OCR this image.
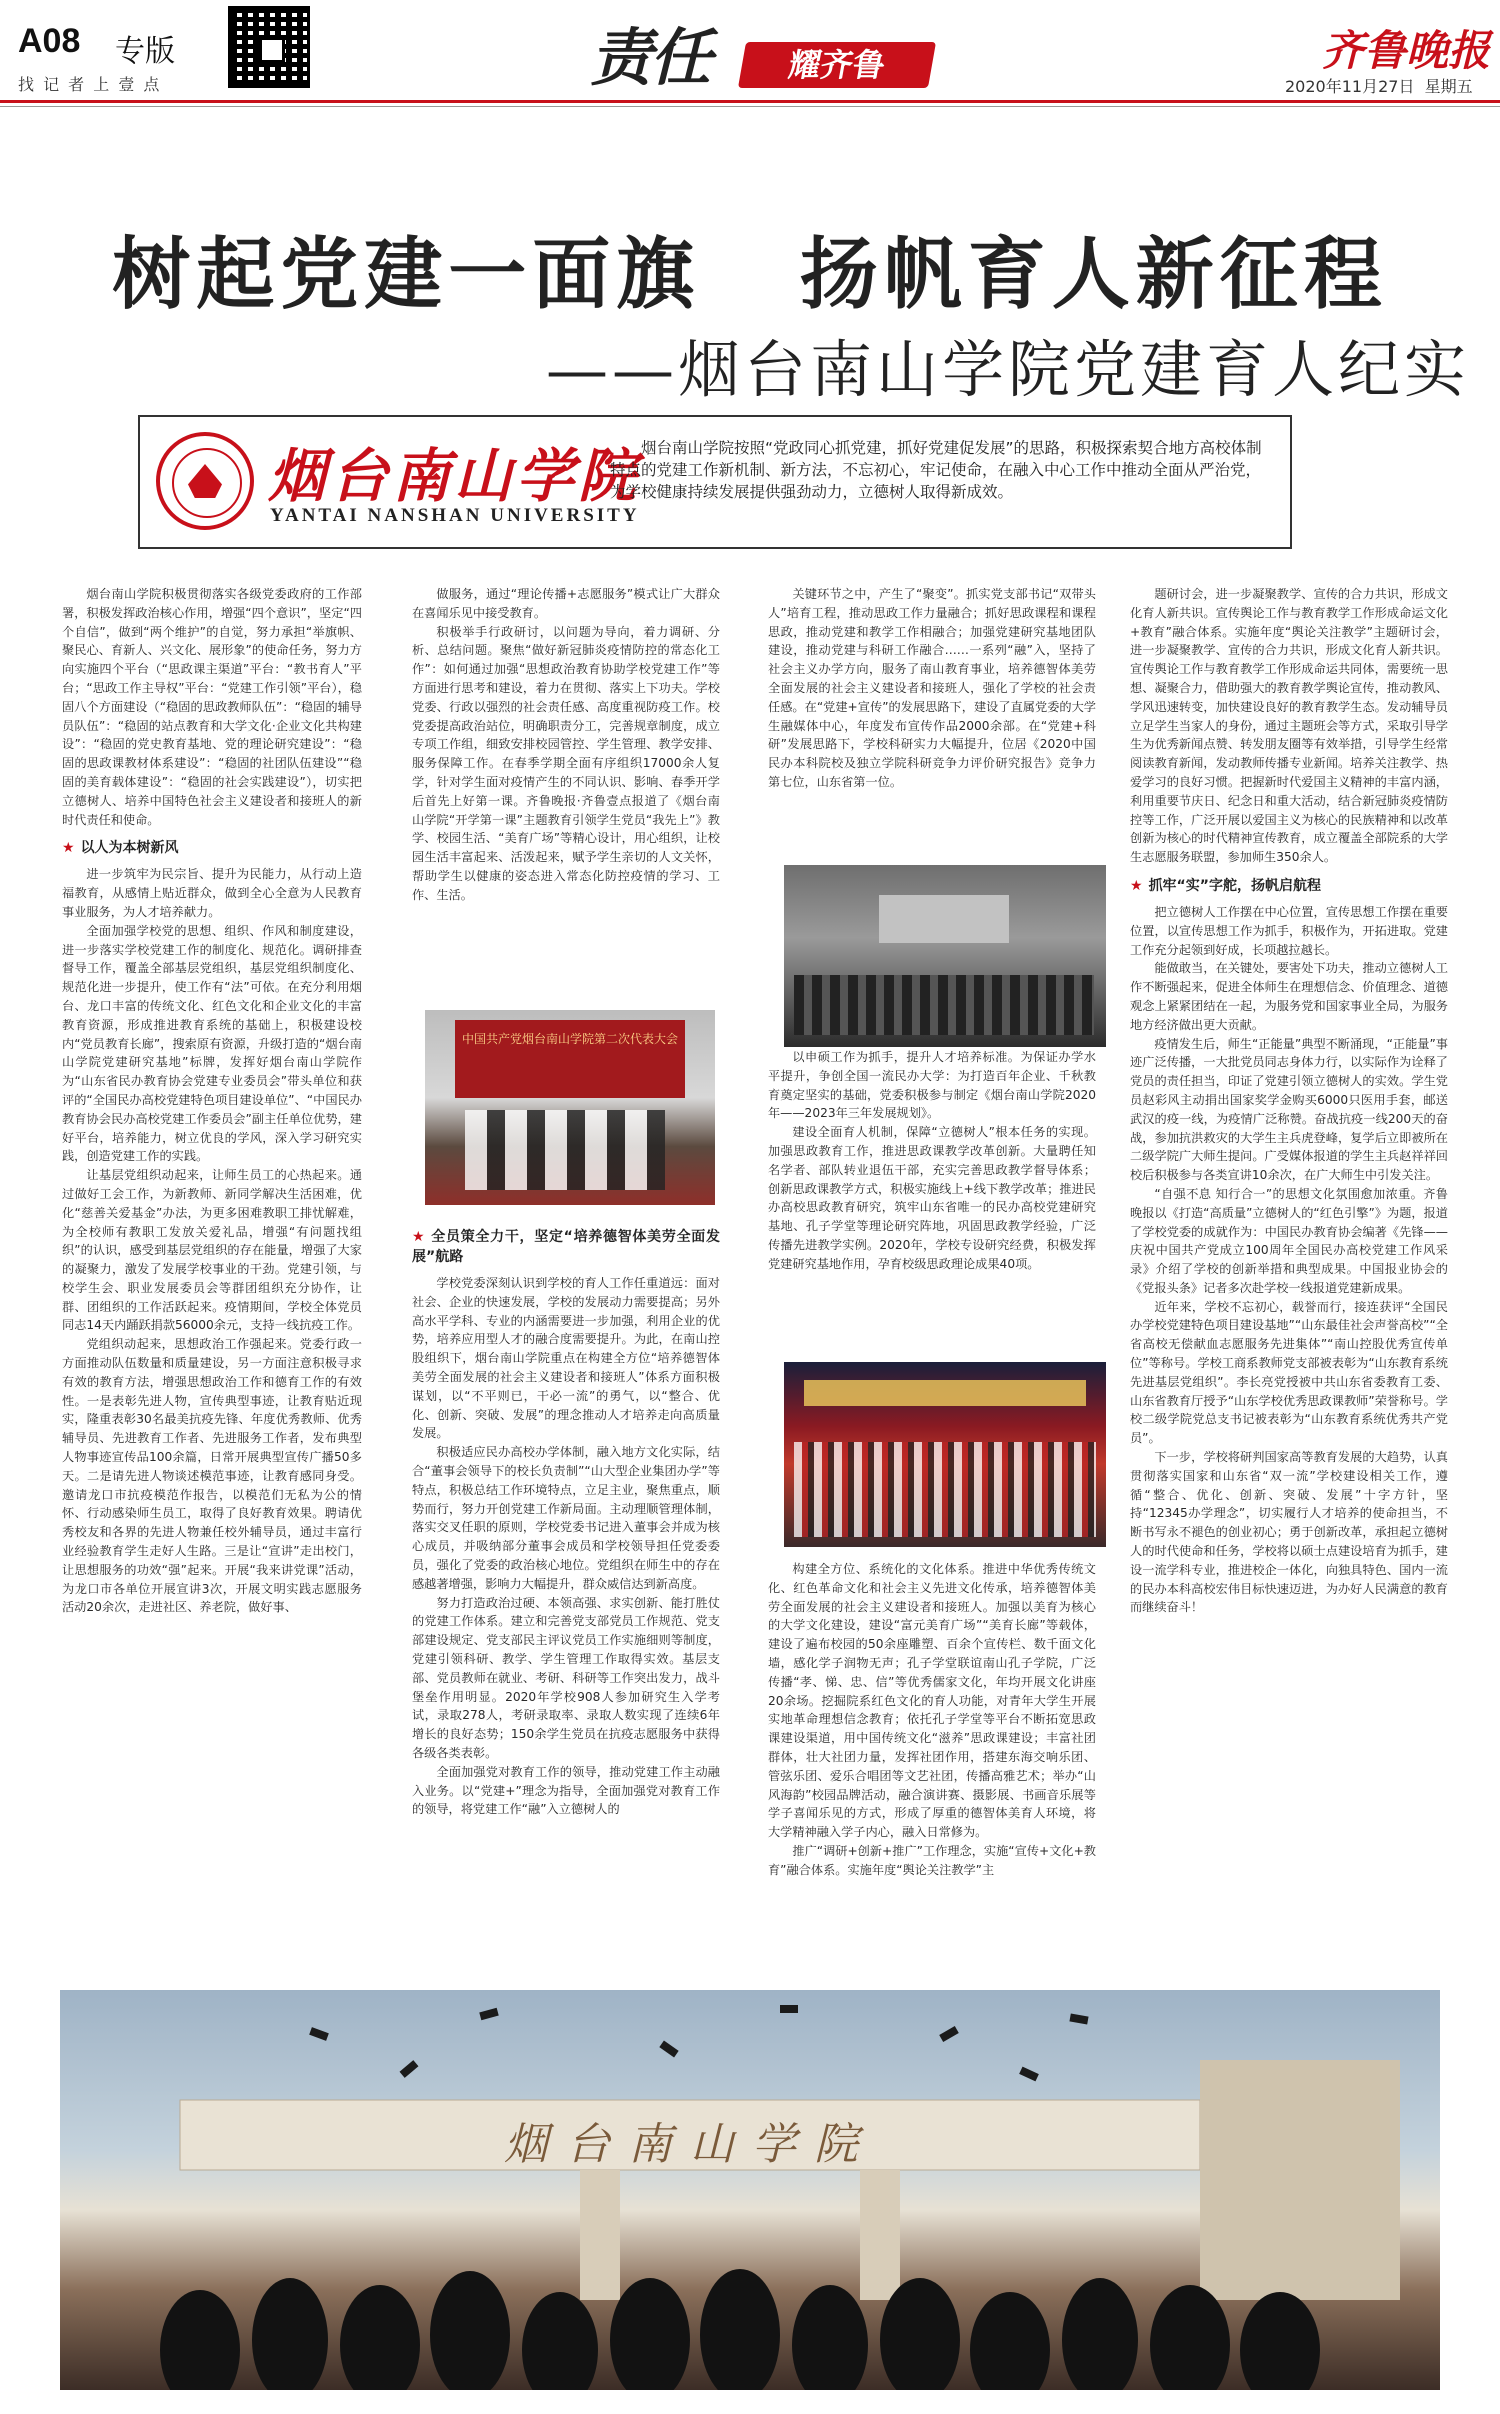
A08 专版
找 记 者 上 壹 点	责任	耀齐鲁	齐鲁晚报
2020年11月27日 星期五
树起党建一面旗   扬帆育人新征程
——烟台南山学院党建育人纪实
烟台南山学院
YANTAI NANSHAN UNIVERSITY
烟台南山学院按照“党政同心抓党建，抓好党建促发展”的思路，积极探索契合地方高校体制特点的党建工作新机制、新方法，不忘初心，牢记使命，在融入中心工作中推动全面从严治党，为学校健康持续发展提供强劲动力，立德树人取得新成效。

烟台南山学院积极贯彻落实各级党委政府的工作部署，积极发挥政治核心作用，增强“四个意识”，坚定“四个自信”，做到“两个维护”的自觉，努力承担“举旗帜、聚民心、育新人、兴文化、展形象”的使命任务，努力方向实施四个平台（“思政课主渠道”平台：“教书育人”平台；“思政工作主导权”平台：“党建工作引领”平台），稳固八个方面建设（“稳固的思政教师队伍”：“稳固的辅导员队伍”：“稳固的站点教育和大学文化·企业文化共构建设”：“稳固的党史教育基地、党的理论研究建设”：“稳固的思政课教材体系建设”：“稳固的社团队伍建设”“稳固的美育载体建设”：“稳固的社会实践建设”），切实把立德树人、培养中国特色社会主义建设者和接班人的新时代责任和使命。

★ 以人为本树新风

进一步筑牢为民宗旨、提升为民能力，从行动上造福教育，从感情上贴近群众，做到全心全意为人民教育事业服务，为人才培养献力。

全面加强学校党的思想、组织、作风和制度建设，进一步落实学校党建工作的制度化、规范化。调研排查督导工作，覆盖全部基层党组织，基层党组织制度化、规范化进一步提升，使工作有“法”可依。在充分利用烟台、龙口丰富的传统文化、红色文化和企业文化的丰富教育资源，形成推进教育系统的基础上，积极建设校内“党员教育长廊”，搜索原有资源，升级打造的“烟台南山学院党建研究基地”标牌，发挥好烟台南山学院作为“山东省民办教育协会党建专业委员会”带头单位和获评的“全国民办高校党建特色项目建设单位”、“中国民办教育协会民办高校党建工作委员会”副主任单位优势，建好平台，培养能力，树立优良的学风，深入学习研究实践，创造党建工作的实践。

让基层党组织动起来，让师生员工的心热起来。通过做好工会工作，为新教师、新同学解决生活困难，优化“慈善关爱基金”办法，为更多困难教职工排忧解难，为全校师有教职工发放关爱礼品，增强“有问题找组织”的认识，感受到基层党组织的存在能量，增强了大家的凝聚力，激发了发展学校事业的干劲。党建引领，与校学生会、职业发展委员会等群团组织充分协作，让群、团组织的工作活跃起来。疫情期间，学校全体党员同志14天内踊跃捐款56000余元，支持一线抗疫工作。

党组织动起来，思想政治工作强起来。党委行政一方面推动队伍数量和质量建设，另一方面注意积极寻求有效的教育方法，增强思想政治工作和德育工作的有效性。一是表彰先进人物，宣传典型事迹，让教育贴近现实，隆重表彰30名最美抗疫先锋、年度优秀教师、优秀辅导员、先进教育工作者、先进服务工作者，发布典型人物事迹宣传品100余篇，日常开展典型宣传广播50多天。二是请先进人物谈述模范事迹，让教育感同身受。邀请龙口市抗疫模范作报告，以模范们无私为公的情怀、行动感染师生员工，取得了良好教育效果。聘请优秀校友和各界的先进人物兼任校外辅导员，通过丰富行业经验教育学生走好人生路。三是让“宣讲”走出校门，让思想服务的功效“强”起来。开展“我来讲党课”活动，为龙口市各单位开展宣讲3次，开展文明实践志愿服务活动20余次，走进社区、养老院，做好事、

做服务，通过“理论传播+志愿服务”模式让广大群众在喜闻乐见中接受教育。

积极举手行政研讨，以问题为导向，着力调研、分析、总结问题。聚焦“做好新冠肺炎疫情防控的常态化工作”：如何通过加强“思想政治教育协助学校党建工作”等方面进行思考和建设，着力在贯彻、落实上下功夫。学校党委、行政以强烈的社会责任感、高度重视防疫工作。校党委提高政治站位，明确职责分工，完善规章制度，成立专项工作组，细致安排校园管控、学生管理、教学安排、服务保障工作。在春季学期全面有序组织17000余人复学，针对学生面对疫情产生的不同认识、影响、春季开学后首先上好第一课。齐鲁晚报·齐鲁壹点报道了《烟台南山学院“开学第一课”主题教育引领学生党员“我先上”》教学、校园生活、“美育广场”等精心设计，用心组织，让校园生活丰富起来、活泼起来，赋予学生亲切的人文关怀，帮助学生以健康的姿态进入常态化防控疫情的学习、工作、生活。

中国共产党烟台南山学院第二次代表大会
★ 全员策全力干，坚定“培养德智体美劳全面发展”航路

学校党委深刻认识到学校的育人工作任重道远：面对社会、企业的快速发展，学校的发展动力需要提高；另外高水平学科、专业的内涵需要进一步加强，利用企业的优势，培养应用型人才的融合度需要提升。为此，在南山控股组织下，烟台南山学院重点在构建全方位“培养德智体美劳全面发展的社会主义建设者和接班人”体系方面积极谋划，以“不平则已，干必一流”的勇气，以“整合、优化、创新、突破、发展”的理念推动人才培养走向高质量发展。

积极适应民办高校办学体制，融入地方文化实际，结合“董事会领导下的校长负责制”“山大型企业集团办学”等特点，积极总结工作环境特点，立足主业，聚焦重点，顺势而行，努力开创党建工作新局面。主动理顺管理体制，落实交叉任职的原则，学校党委书记进入董事会并成为核心成员，并吸纳部分董事会成员和学校领导担任党委委员，强化了党委的政治核心地位。党组织在师生中的存在感越著增强，影响力大幅提升，群众威信达到新高度。

努力打造政治过硬、本领高强、求实创新、能打胜仗的党建工作体系。建立和完善党支部党员工作规范、党支部建设规定、党支部民主评议党员工作实施细则等制度，党建引领科研、教学、学生管理工作取得实效。基层支部、党员教师在就业、考研、科研等工作突出发力，战斗堡垒作用明显。2020年学校908人参加研究生入学考试，录取278人，考研录取率、录取人数实现了连续6年增长的良好态势；150余学生党员在抗疫志愿服务中获得各级各类表彰。

全面加强党对教育工作的领导，推动党建工作主动融入业务。以“党建+”理念为指导，全面加强党对教育工作的领导，将党建工作“融”入立德树人的

关键环节之中，产生了“聚变”。抓实党支部书记“双带头人”培育工程，推动思政工作力量融合；抓好思政课程和课程思政，推动党建和教学工作相融合；加强党建研究基地团队建设，推动党建与科研工作融合……一系列“融”入，坚持了社会主义办学方向，服务了南山教育事业，培养德智体美劳全面发展的社会主义建设者和接班人，强化了学校的社会责任感。在“党建+宣传”的发展思路下，建设了直属党委的大学生融媒体中心，年度发布宣传作品2000余部。在“党建+科研”发展思路下，学校科研实力大幅提升，位居《2020中国民办本科院校及独立学院科研竞争力评价研究报告》竞争力第七位，山东省第一位。

以申硕工作为抓手，提升人才培养标准。为保证办学水平提升，争创全国一流民办大学：为打造百年企业、千秋教育奠定坚实的基础，党委积极参与制定《烟台南山学院2020年——2023年三年发展规划》。

建设全面育人机制，保障“立德树人”根本任务的实现。加强思政教育工作，推进思政课教学改革创新。大量聘任知名学者、部队转业退伍干部，充实完善思政教学督导体系；创新思政课教学方式，积极实施线上+线下教学改革；推进民办高校思政教育研究，筑牢山东省唯一的民办高校党建研究基地、孔子学堂等理论研究阵地，巩固思政教学经验，广泛传播先进教学实例。2020年，学校专设研究经费，积极发挥党建研究基地作用，孕育校级思政理论成果40项。

构建全方位、系统化的文化体系。推进中华优秀传统文化、红色革命文化和社会主义先进文化传承，培养德智体美劳全面发展的社会主义建设者和接班人。加强以美育为核心的大学文化建设，建设“富元美育广场”“美育长廊”等载体，建设了遍布校园的50余座雕塑、百余个宣传栏、数千面文化墙，感化学子润物无声；孔子学堂联谊南山孔子学院，广泛传播“孝、悌、忠、信”等优秀儒家文化，年均开展文化讲座20余场。挖掘院系红色文化的育人功能，对青年大学生开展实地革命理想信念教育；依托孔子学堂等平台不断拓宽思政课建设渠道，用中国传统文化“滋养”思政课建设；丰富社团群体，壮大社团力量，发挥社团作用，搭建东海交响乐团、管弦乐团、爱乐合唱团等文艺社团，传播高雅艺术；举办“山风海韵”校园品牌活动，融合演讲赛、摄影展、书画音乐展等学子喜闻乐见的方式，形成了厚重的德智体美育人环境，将大学精神融入学子内心，融入日常修为。

推广“调研+创新+推广”工作理念，实施“宣传+文化+教育”融合体系。实施年度“舆论关注教学”主

题研讨会，进一步凝聚教学、宣传的合力共识，形成文化育人新共识。宣传舆论工作与教育教学工作形成命运文化+教育”融合体系。实施年度“舆论关注教学”主题研讨会，进一步凝聚教学、宣传的合力共识，形成文化育人新共识。宣传舆论工作与教育教学工作形成命运共同体，需要统一思想、凝聚合力，借助强大的教育教学舆论宣传，推动教风、学风迅速转变，加快建设良好的教育教学生态。发动辅导员立足学生当家人的身份，通过主题班会等方式，采取引导学生为优秀新闻点赞、转发朋友圈等有效举措，引导学生经常阅读教育新闻，发动教师传播专业新闻。培养关注教学、热爱学习的良好习惯。把握新时代爱国主义精神的丰富内涵，利用重要节庆日、纪念日和重大活动，结合新冠肺炎疫情防控等工作，广泛开展以爱国主义为核心的民族精神和以改革创新为核心的时代精神宣传教育，成立覆盖全部院系的大学生志愿服务联盟，参加师生350余人。

★ 抓牢“实”字舵，扬帆启航程

把立德树人工作摆在中心位置，宣传思想工作摆在重要位置，以宣传思想工作为抓手，积极作为，开拓进取。党建工作充分起领到好成，长项越拉越长。

能做敢当，在关键处，要害处下功夫，推动立德树人工作不断强起来，促进全体师生在理想信念、价值理念、道德观念上紧紧团结在一起，为服务党和国家事业全局，为服务地方经济做出更大贡献。

疫情发生后，师生“正能量”典型不断涌现，“正能量”事迹广泛传播，一大批党员同志身体力行，以实际作为诠释了党员的责任担当，印证了党建引领立德树人的实效。学生党员赵彩风主动捐出国家奖学金购买6000只医用手套，邮送武汉的疫一线，为疫情广泛称赞。奋战抗疫一线200天的奋战，参加抗洪救灾的大学生主兵虎登峰，复学后立即被所在二级学院广大师生提问。广受媒体报道的学生主兵赵祥祥回校后积极参与各类宣讲10余次，在广大师生中引发关注。

“自强不息 知行合一”的思想文化氛围愈加浓重。齐鲁晚报以《打造“高质量”立德树人的“红色引擎”》为题，报道了学校党委的成就作为：中国民办教育协会编著《先锋——庆祝中国共产党成立100周年全国民办高校党建工作风采录》介绍了学校的创新举措和典型成果。中国报业协会的《党报头条》记者多次赴学校一线报道党建新成果。

近年来，学校不忘初心，载誉而行，接连获评“全国民办学校党建特色项目建设基地”“山东最佳社会声誉高校”“全省高校无偿献血志愿服务先进集体”“南山控股优秀宣传单位”等称号。学校工商系教师党支部被表彰为“山东教育系统先进基层党组织”。李长亮党授被中共山东省委教育工委、山东省教育厅授予“山东学校优秀思政课教师”荣誉称号。学校二级学院党总支书记被表彰为“山东教育系统优秀共产党员”。

下一步，学校将研判国家高等教育发展的大趋势，认真贯彻落实国家和山东省“双一流”学校建设相关工作，遵循“整合、优化、创新、突破、发展”十字方针，坚持“12345办学理念”，切实履行人才培养的使命担当，不断书写永不褪色的创业初心；勇于创新改革，承担起立德树人的时代使命和任务，学校将以硕士点建设培育为抓手，建设一流学科专业，推进校企一体化，向独具特色、国内一流的民办本科高校宏伟目标快速迈进，为办好人民满意的教育而继续奋斗！

烟台南山学院
